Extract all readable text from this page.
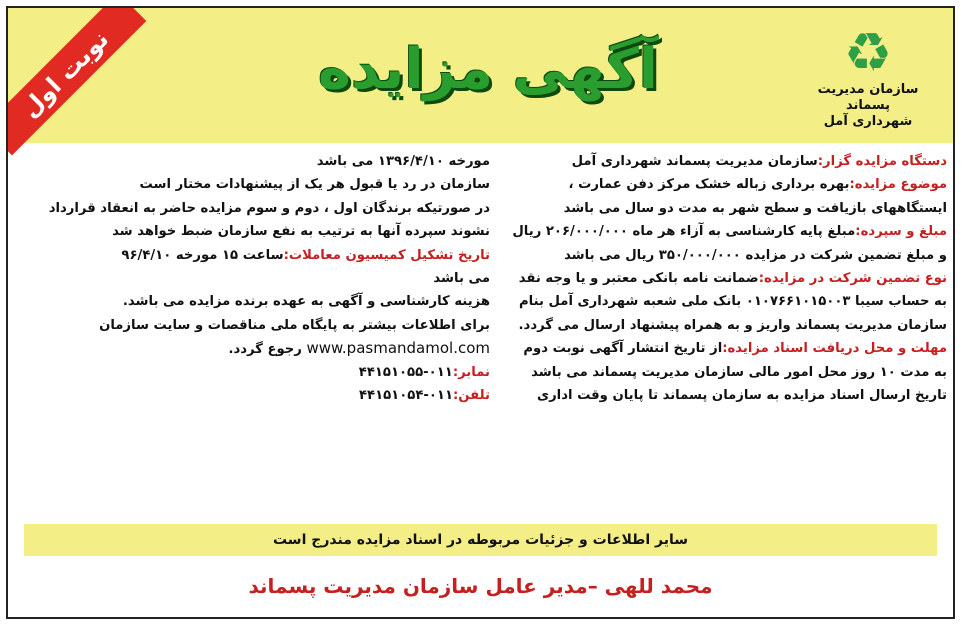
نوبت اول	آگهی مزایده	♻
سازمان مدیریت پسماند
شهرداری آمل
دستگاه مزایده گزار:سازمان مدیریت پسماند شهرداری آمل
موضوع مزایده:بهره برداری زباله خشک مرکز دفن عمارت ،
ایستگاههای بازیافت و سطح شهر به مدت دو سال می باشد
مبلغ و سپرده:مبلغ پایه کارشناسی به آزاء هر ماه ۲۰۶/۰۰۰/۰۰۰ ریال
و مبلغ تضمین شرکت در مزایده ۳۵۰/۰۰۰/۰۰۰ ریال می باشد
نوع تضمین شرکت در مزایده:ضمانت نامه بانکی معتبر و یا وجه نقد
به حساب سیبا ۰۱۰۷۶۶۱۰۱۵۰۰۳ بانک ملی شعبه شهرداری آمل بنام
سازمان مدیریت پسماند واریز و به همراه پیشنهاد ارسال می گردد.
مهلت و محل دریافت اسناد مزایده:از تاریخ انتشار آگهی نوبت دوم
به مدت ۱۰ روز محل امور مالی سازمان مدیریت پسماند می باشد
تاریخ ارسال اسناد مزایده به سازمان پسماند تا پایان وقت اداری
مورخه ۱۳۹۶/۴/۱۰ می باشد
سازمان در رد یا قبول هر یک از پیشنهادات مختار است
در صورتیکه برندگان اول ، دوم و سوم مزایده حاضر به انعقاد قرارداد
نشوند سپرده آنها به ترتیب به نفع سازمان ضبط خواهد شد
تاریخ تشکیل کمیسیون معاملات:ساعت ۱۵ مورخه ۹۶/۴/۱۰
می باشد
هزینه کارشناسی و آگهی به عهده برنده مزایده می باشد.
برای اطلاعات بیشتر به پایگاه ملی مناقصات و سایت سازمان
www.pasmandamol.com رجوع گردد.
نمابر:۰۱۱-۴۴۱۵۱۰۵۵
تلفن:۰۱۱-۴۴۱۵۱۰۵۴
سایر اطلاعات و جزئیات مربوطه در اسناد مزایده مندرج است
محمد للهی –مدیر عامل سازمان مدیریت پسماند
